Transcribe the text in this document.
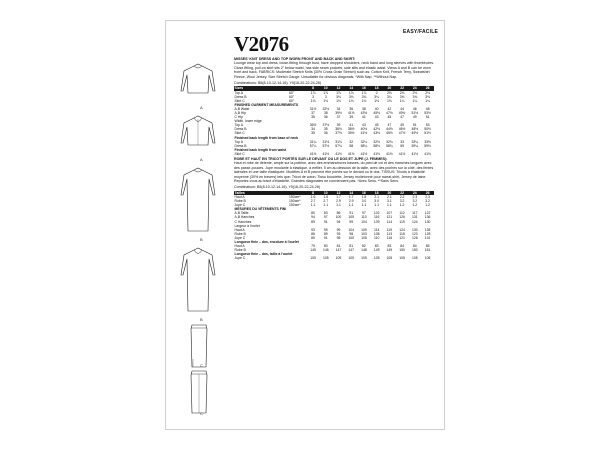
A
A
B
B
C
C
EASY/FACILE
V2076
MISSES' KNIT DRESS AND TOP WORN FRONT AND BACK AND SKIRT:

Lounge wear top and dress, loose-fitting through bust, have dropped shoulders, neck band and long sleeves with thumbholes. Close-fitting, pull-on skirt sits 2" below waist, has side seam pockets, side slits and elastic waist. Views A and B can be worn front and back. FABRICS: Moderate Stretch Knits (30% Cross Grain Stretch) such as: Cotton Knit, French Terry, Sweatshirt Fleece, Wool Jersey. Size Stretch Gauge. Unsuitable for obvious diagonals. *With Nap. **Without Nap.

Combinations: B5(8-10-12-14-16), Y5(18-20-22-24-26)
Sizes		8	10	12	14	16	18	20	22	24	26
Top A	60"	1⅞	1⅞	1⅞	1⅞	1⅞	2	2⅛	2⅛	2⅛	2⅛
Dress B	60"	3	3	3⅛	3⅛	3⅛	3¼	3¼	3⅜	3⅜	3⅜
Skirt C	60"	1⅛	1⅛	1⅛	1⅛	1⅛	1⅛	1⅛	1¼	1¼	1¼
FINISHED GARMENT MEASUREMENTS											
A,B Waist		31½	32½	34	36	38	40	42	44	46	48
A,B Hip		37	38	39½	41½	43½	45½	47½	49½	51½	53½
C Hip		35	36	37	39	41	43	45	47	49	51
Width, lower edge											
Top A		36½	37½	39	41	43	45	47	49	51	53
Dress B		34	35	36½	38½	40½	42½	44½	46½	48½	50½
Skirt C		35	36	37½	39½	41½	43½	45½	47½	49½	51½
Finished back length from base of neck											
Top A		31¼	31½	31¾	32	32¼	32½	32¾	33	33¼	33½
Dress B		57¼	57½	57¾	58	58¼	58½	58¾	59	59¼	59½
Finished back length from waist											
Skirt C		41½	41½	41½	41½	41½	41½	41½	41½	41½	41½
ROBE ET HAUT EN TRICOT PORTÉS SUR LE DEVANT OU LE DOS ET JUPE (J. FEMMES):

Haut et robe de détente, ample sur la poitrine, avec des emmanchures basses, du pied de col et des manches longues avec des passe-pouces. Jupe moulante à élastique, à enfiler, 5 cm au dessous de la taille, avec des poches sur la côté, des fentes latérales et une taille élastiquée. Modèles A et B peuvent être portés sur le devant ou le dos. TISSUS: Tricots à élasticité moyenne (30% en travers) tels que: Tricot de coton, Tissu bouclette, Jersey molletonné pour sweat-shirt, Jersey de laine. Reportez-vous au tracé d'élasticité. Grandes diagonales ne conviennent pas. *Avec Sens. **Sans Sens.

Combinaison: B5(8-10-12-14-16), Y5(18-20-22-24-26)
Tailles		8	10	12	14	16	18	20	22	24	26
Haut A	150cm*	1.6	1.6	1.7	1.7	1.8	2.1	2.1	2.2	2.3	2.3
Robe B	150cm*	2.7	2.7	2.9	2.9	3.0	3.0	3.1	3.2	3.2	3.2
Jupe C	150cm*	1.1	1.1	1.1	1.1	1.1	1.1	1.1	1.2	1.2	1.2
MESURES DU VÊTEMENTS FINI											
A,B Taille		80	83	86	91	97	102	107	112	117	122
A,B Hanches		94	97	100	105	110	116	121	126	131	136
C Hanches		89	91	94	99	104	109	114	119	124	130
Largeur à l'ourlet											
Haut A		93	95	99	104	109	114	119	124	130	135
Robe B		86	89	93	98	103	108	113	118	123	128
Jupe C		89	91	95	100	105	110	116	121	126	131
Longueur finie – dos, encolure à l'ourlet											
Haut A		79	80	81	81	82	83	83	84	84	85
Robe B		145	146	147	147	148	149	149	150	150	151
Longueur finie – dos, taille à l'ourlet											
Jupe C		105	105	105	105	105	105	105	105	105	105
